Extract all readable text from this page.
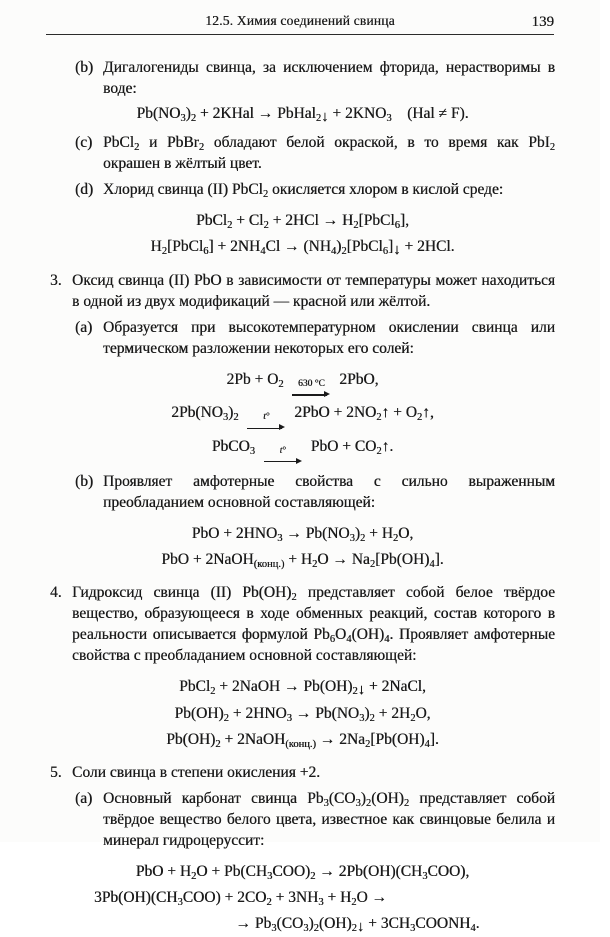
12.5. Химия соединений свинца	139
(b) Дигалогениды свинца, за исключением фторида, нерастворимы в воде:

$Pb(NO_3)_2$ + 2KHal → PbHal$_2$↓ + $2KNO_3$ (Hal ≠ F).
(c) PbCl$_2$ и PbBr$_2$ обладают белой окраской, в то время как PbI$_2$ окрашен в жёлтый цвет.

(d) Хлорид свинца (II) PbCl$_2$ окисляется хлором в кислой среде:

PbCl$_2$ + $Cl_2 + 2HCl$ → $H_2[PbCl_6]$,
$H_2[PbCl_6] + 2NH_4Cl$ → $(NH_4)_2[PbCl_6]↓ + 2HCl$.
3. Оксид свинца (II) PbO в зависимости от температуры может находиться в одной из двух модификаций — красной или жёлтой.

(a) Образуется при высокотемпературном окислении свинца или термическом разложении некоторых его солей:

$2Pb + O_2$ 630 °C 2PbO,
$2Pb(NO_3)_2$	t° $2PbO + 2NO_2↑$ + $O_2↑$,
PbCO$_3$	t° PbO + $CO_2↑$.
(b) Проявляет амфотерные свойства с сильно выраженным преобладанием основной составляющей:

PbO + $2HNO_3 \to Pb(NO_3)_2 + H_2O$,
PbO + 2NaOH$_{(конц.)}$ + $H_2O \to Na_2[Pb(OH)_4]$.
4. Гидроксид свинца (II) $Pb(OH)_2$ представляет собой белое твёрдое вещество, образующееся в ходе обменных реакций, состав которого в реальности описывается формулой $Pb_6O_4(OH)_4$. Проявляет амфотерные свойства с преобладанием основной составляющей:

PbCl$_2$ + 2NaOH → $Pb(OH)_2↓$ + 2NaCl,
$Pb(OH)_2 + 2HNO_3 \to Pb(NO_3)_2 + 2H_2O$,
$Pb(OH)_2$ + 2NaOH$_{(конц.)}$ → $2Na_2[Pb(OH)_4]$.
5. Соли свинца в степени окисления +2.

(a) Основный карбонат свинца $Pb_3(CO_3)_2(OH)_2$ представляет собой твёрдое вещество белого цвета, известное как свинцовые белила и минерал гидроцеруссит:

PbO + $H_2O + Pb(CH_3COO)_2 \to 2Pb(OH)(CH_3COO)$,
$3Pb(OH)(CH_3COO) + 2CO_2 + 3NH_3 + H_2O$ →
→ $Pb_3(CO_3)_2(OH)_2↓$ + $3CH_3COONH_4$.
